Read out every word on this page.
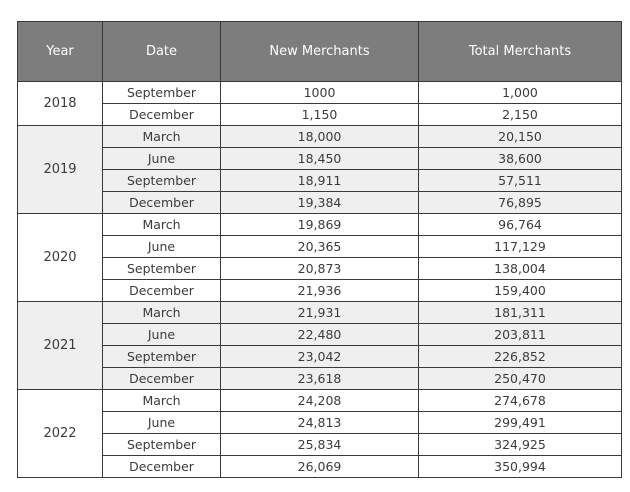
Year	Date	New Merchants	Total Merchants
2018	September	1000	1,000
	December	1,150	2,150
2019	March	18,000	20,150
	June	18,450	38,600
	September	18,911	57,511
	December	19,384	76,895
2020	March	19,869	96,764
	June	20,365	117,129
	September	20,873	138,004
	December	21,936	159,400
2021	March	21,931	181,311
	June	22,480	203,811
	September	23,042	226,852
	December	23,618	250,470
2022	March	24,208	274,678
	June	24,813	299,491
	September	25,834	324,925
	December	26,069	350,994
